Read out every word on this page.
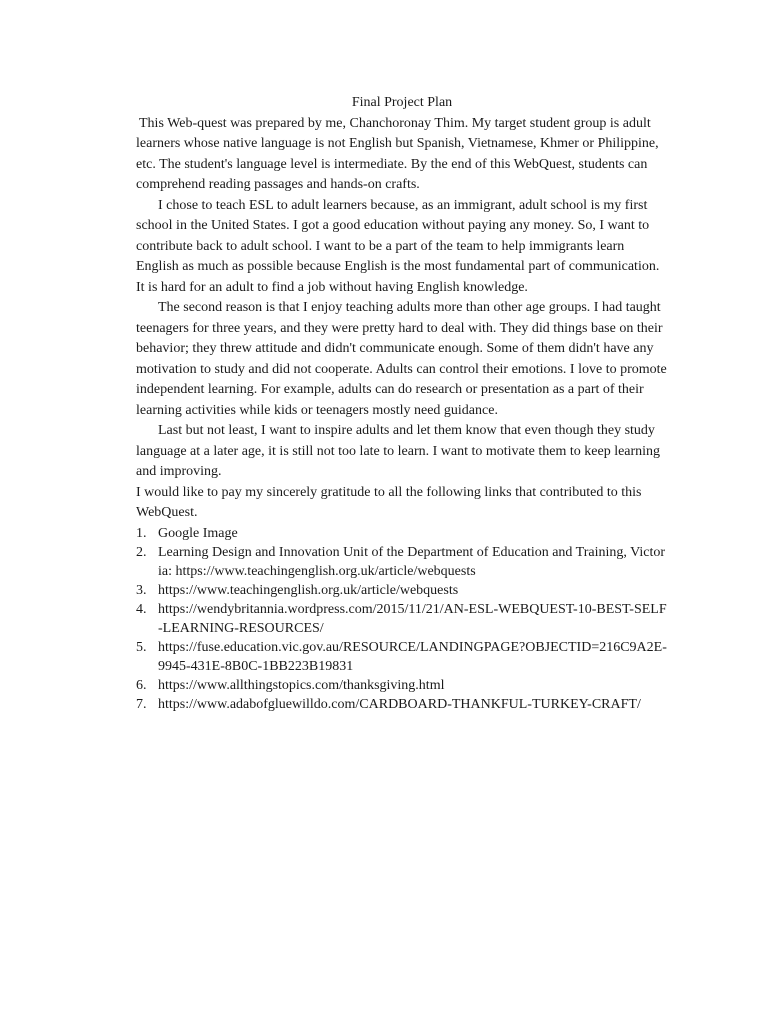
Final Project Plan

This Web-quest was prepared by me, Chanchoronay Thim. My target student group is adult learners whose native language is not English but Spanish, Vietnamese, Khmer or Philippine, etc. The student's language level is intermediate. By the end of this WebQuest, students can comprehend reading passages and hands-on crafts.

I chose to teach ESL to adult learners because, as an immigrant, adult school is my first school in the United States. I got a good education without paying any money. So, I want to contribute back to adult school. I want to be a part of the team to help immigrants learn English as much as possible because English is the most fundamental part of communication. It is hard for an adult to find a job without having English knowledge.

The second reason is that I enjoy teaching adults more than other age groups. I had taught teenagers for three years, and they were pretty hard to deal with. They did things base on their behavior; they threw attitude and didn't communicate enough. Some of them didn't have any motivation to study and did not cooperate. Adults can control their emotions. I love to promote independent learning. For example, adults can do research or presentation as a part of their learning activities while kids or teenagers mostly need guidance.

Last but not least, I want to inspire adults and let them know that even though they study language at a later age, it is still not too late to learn. I want to motivate them to keep learning and improving.

I would like to pay my sincerely gratitude to all the following links that contributed to this WebQuest.

1. Google Image
2. Learning Design and Innovation Unit of the Department of Education and Training, Victoria: https://www.teachingenglish.org.uk/article/webquests
3. https://www.teachingenglish.org.uk/article/webquests
4. https://wendybritannia.wordpress.com/2015/11/21/AN-ESL-WEBQUEST-10-BEST-SELF-LEARNING-RESOURCES/
5. https://fuse.education.vic.gov.au/RESOURCE/LANDINGPAGE?OBJECTID=216C9A2E-9945-431E-8B0C-1BB223B19831
6. https://www.allthingstopics.com/thanksgiving.html
7. https://www.adabofgluewilldo.com/CARDBOARD-THANKFUL-TURKEY-CRAFT/
